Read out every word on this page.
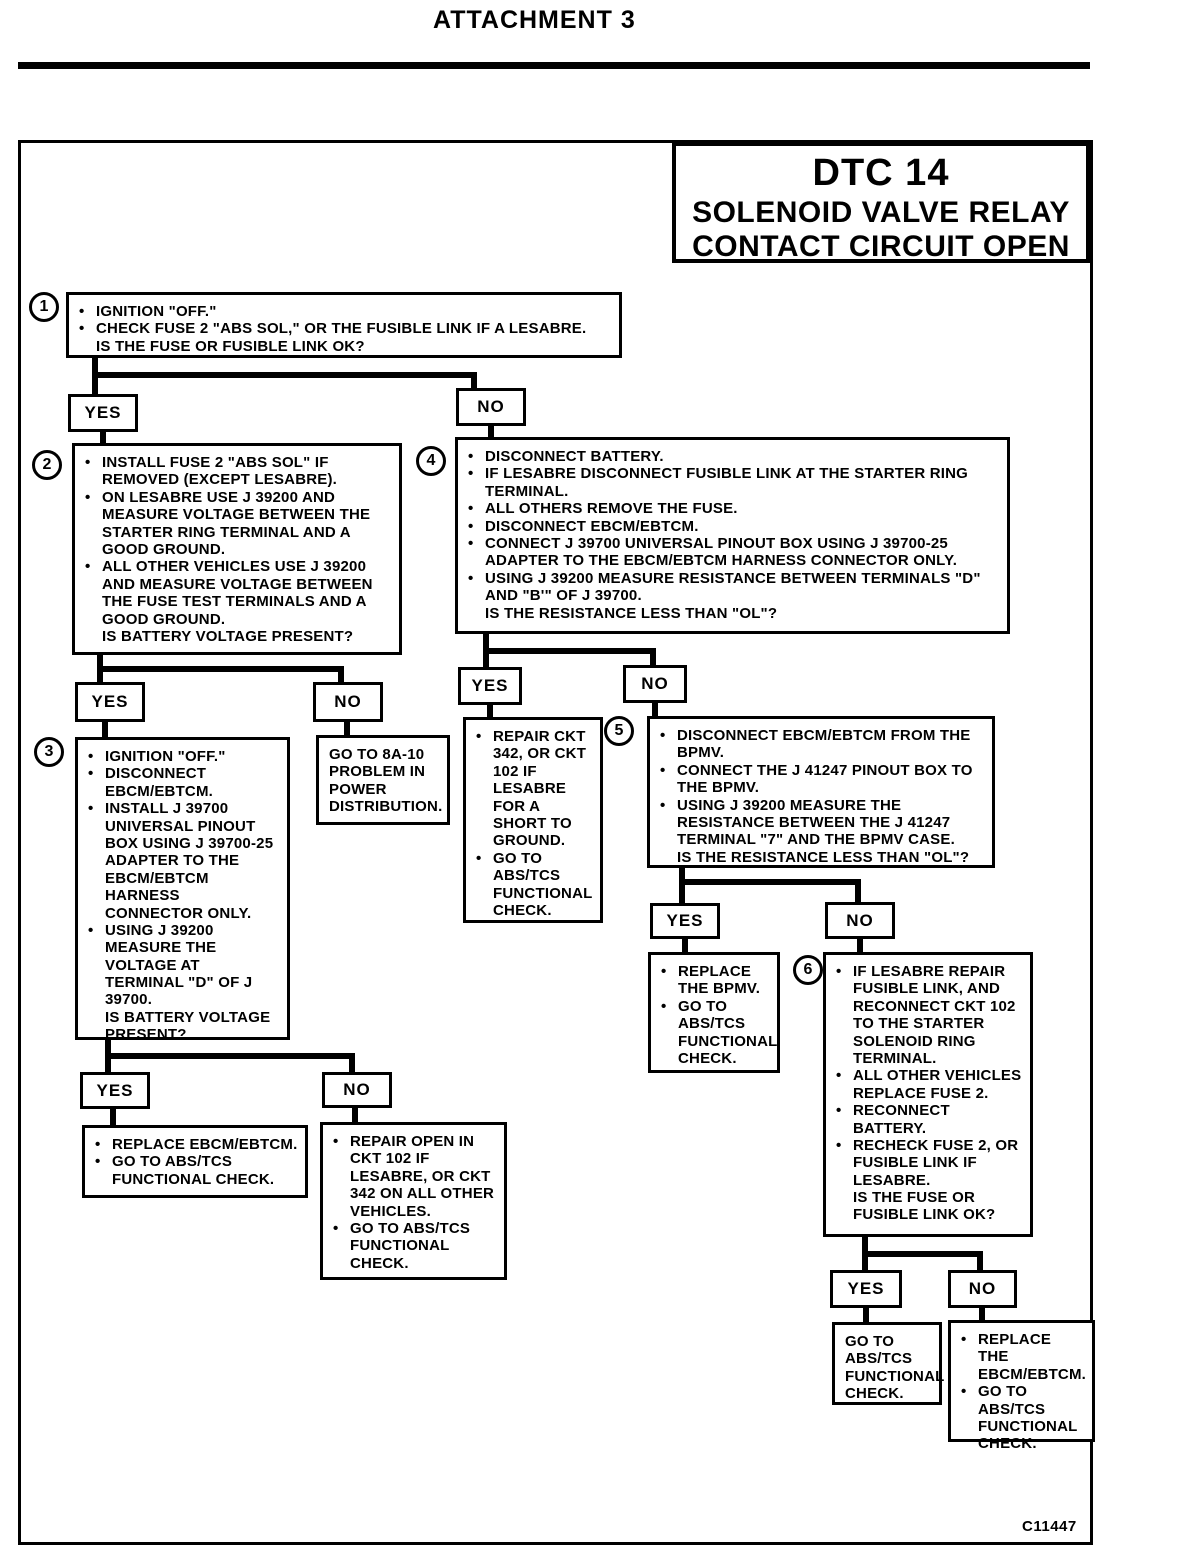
ATTACHMENT 3
DTC 14
SOLENOID VALVE RELAY
CONTACT CIRCUIT OPEN
1	• IGNITION "OFF."
• CHECK FUSE 2 "ABS SOL," OR THE FUSIBLE LINK IF A LESABRE.
IS THE FUSE OR FUSIBLE LINK OK?
YES	NO
2	• INSTALL FUSE 2 "ABS SOL" IF REMOVED (EXCEPT LESABRE).
• ON LESABRE USE J 39200 AND MEASURE VOLTAGE BETWEEN THE STARTER RING TERMINAL AND A GOOD GROUND.
• ALL OTHER VEHICLES USE J 39200 AND MEASURE VOLTAGE BETWEEN THE FUSE TEST TERMINALS AND A GOOD GROUND.
IS BATTERY VOLTAGE PRESENT?
4	• DISCONNECT BATTERY.
• IF LESABRE DISCONNECT FUSIBLE LINK AT THE STARTER RING TERMINAL.
• ALL OTHERS REMOVE THE FUSE.
• DISCONNECT EBCM/EBTCM.
• CONNECT J 39700 UNIVERSAL PINOUT BOX USING J 39700-25 ADAPTER TO THE EBCM/EBTCM HARNESS CONNECTOR ONLY.
• USING J 39200 MEASURE RESISTANCE BETWEEN TERMINALS "D" AND "B'" OF J 39700.
IS THE RESISTANCE LESS THAN "OL"?
YES	NO
YES	NO
3	• IGNITION "OFF."
• DISCONNECT EBCM/EBTCM.
• INSTALL J 39700 UNIVERSAL PINOUT BOX USING J 39700-25 ADAPTER TO THE EBCM/EBTCM HARNESS CONNECTOR ONLY.
• USING J 39200 MEASURE THE VOLTAGE AT TERMINAL "D" OF J 39700.
IS BATTERY VOLTAGE PRESENT?
GO TO 8A-10 PROBLEM IN POWER DISTRIBUTION.
• REPAIR CKT 342, OR CKT 102 IF LESABRE FOR A SHORT TO GROUND.
• GO TO ABS/TCS FUNCTIONAL CHECK.
5	• DISCONNECT EBCM/EBTCM FROM THE BPMV.
• CONNECT THE J 41247 PINOUT BOX TO THE BPMV.
• USING J 39200 MEASURE THE RESISTANCE BETWEEN THE J 41247 TERMINAL "7" AND THE BPMV CASE.
IS THE RESISTANCE LESS THAN "OL"?
YES	NO
• REPLACE THE BPMV.
• GO TO ABS/TCS FUNCTIONAL CHECK.
6	• IF LESABRE REPAIR FUSIBLE LINK, AND RECONNECT CKT 102 TO THE STARTER SOLENOID RING TERMINAL.
• ALL OTHER VEHICLES REPLACE FUSE 2.
• RECONNECT BATTERY.
• RECHECK FUSE 2, OR FUSIBLE LINK IF LESABRE.
IS THE FUSE OR FUSIBLE LINK OK?
YES	NO
GO TO ABS/TCS FUNCTIONAL CHECK.
• REPLACE THE EBCM/EBTCM.
• GO TO ABS/TCS FUNCTIONAL CHECK.
YES	NO
• REPLACE EBCM/EBTCM.
• GO TO ABS/TCS FUNCTIONAL CHECK.
• REPAIR OPEN IN CKT 102 IF LESABRE, OR CKT 342 ON ALL OTHER VEHICLES.
• GO TO ABS/TCS FUNCTIONAL CHECK.
C11447
